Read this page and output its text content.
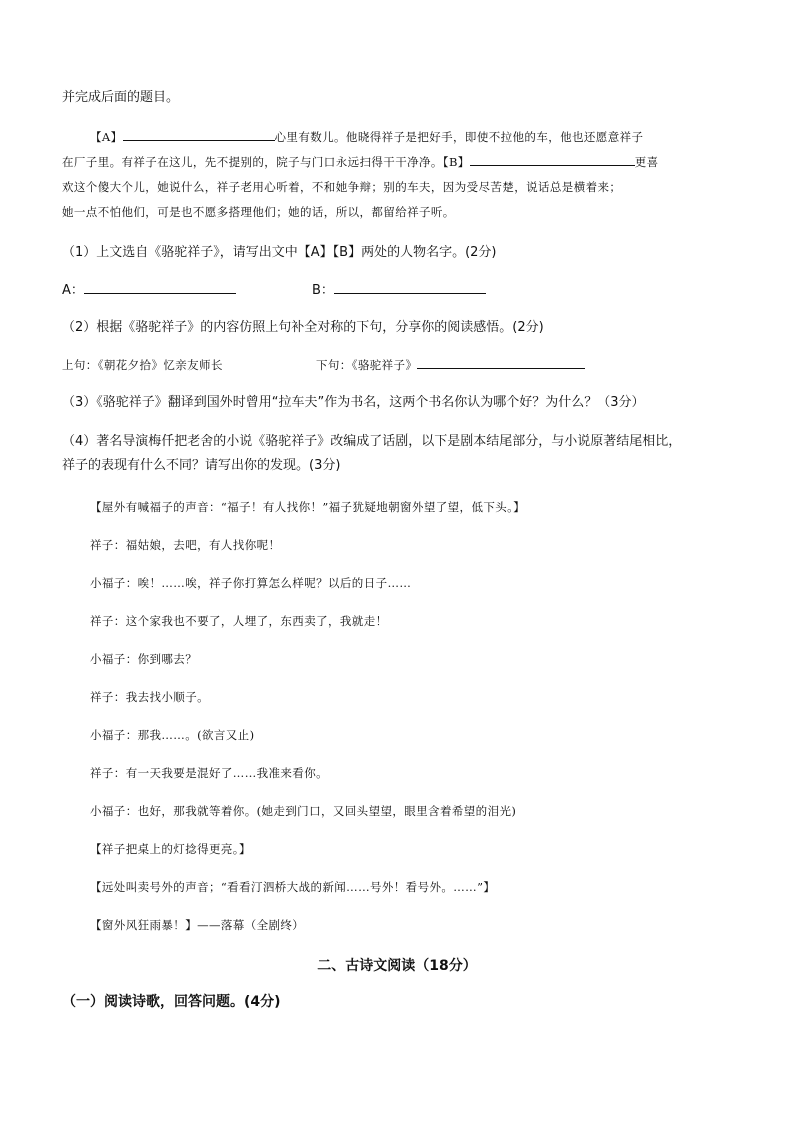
并完成后面的题目。
【A】	心里有数儿。他晓得祥子是把好手，即使不拉他的车，他也还愿意祥子
在厂子里。有祥子在这儿，先不提别的，院子与门口永远扫得干干净净。【B】	更喜
欢这个傻大个儿，她说什么，祥子老用心听着，不和她争辩；别的车夫，因为受尽苦楚，说话总是横着来；
她一点不怕他们，可是也不愿多搭理他们；她的话，所以，都留给祥子听。
（1）上文选自《骆驼祥子》，请写出文中【A】【B】两处的人物名字。(2分)
A：	B：
（2）根据《骆驼祥子》的内容仿照上句补全对称的下句，分享你的阅读感悟。(2分)
上句：《朝花夕拾》忆亲友师长	下句：《骆驼祥子》
（3）《骆驼祥子》翻译到国外时曾用“拉车夫”作为书名，这两个书名你认为哪个好？为什么？（3分）
（4）著名导演梅仟把老舍的小说《骆驼祥子》改编成了话剧，以下是剧本结尾部分，与小说原著结尾相比，
祥子的表现有什么不同？请写出你的发现。(3分)
【屋外有喊福子的声音：“福子！有人找你！”福子犹疑地朝窗外望了望，低下头。】
祥子：福姑娘，去吧，有人找你呢！
小福子：唉！……唉，祥子你打算怎么样呢？以后的日子……
祥子：这个家我也不要了，人埋了，东西卖了，我就走！
小福子：你到哪去？
祥子：我去找小顺子。
小福子：那我……。(欲言又止)
祥子：有一天我要是混好了……我准来看你。
小福子：也好，那我就等着你。(她走到门口，又回头望望，眼里含着希望的泪光)
【祥子把桌上的灯捻得更亮。】
【远处叫卖号外的声音；“看看汀泗桥大战的新闻……号外！看号外。……”】
【窗外风狂雨暴！】——落幕（全剧终）
二、古诗文阅读（18分）
（一）阅读诗歌，回答问题。(4分)
